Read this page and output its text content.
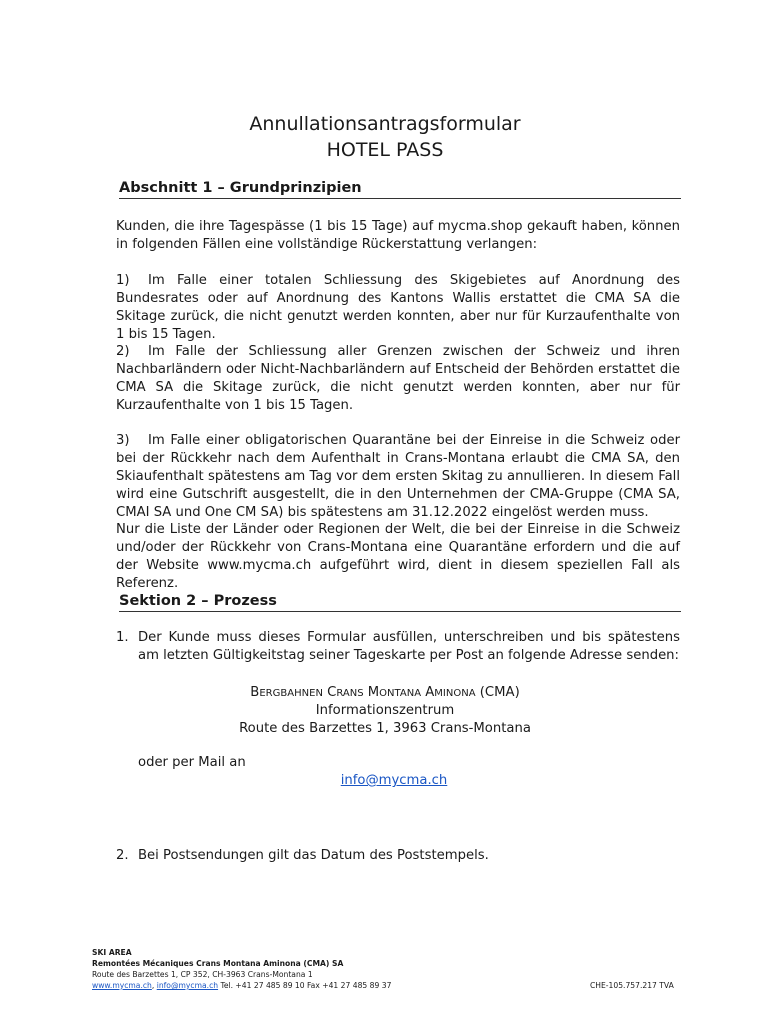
Annullationsantragsformular
HOTEL PASS
Abschnitt 1 – Grundprinzipien
Kunden, die ihre Tagespässe (1 bis 15 Tage) auf mycma.shop gekauft haben, können in folgenden Fällen eine vollständige Rückerstattung verlangen:
1) Im Falle einer totalen Schliessung des Skigebietes auf Anordnung des Bundesrates oder auf Anordnung des Kantons Wallis erstattet die CMA SA die Skitage zurück, die nicht genutzt werden konnten, aber nur für Kurzaufenthalte von 1 bis 15 Tagen.
2) Im Falle der Schliessung aller Grenzen zwischen der Schweiz und ihren Nachbarländern oder Nicht-Nachbarländern auf Entscheid der Behörden erstattet die CMA SA die Skitage zurück, die nicht genutzt werden konnten, aber nur für Kurzaufenthalte von 1 bis 15 Tagen.
3) Im Falle einer obligatorischen Quarantäne bei der Einreise in die Schweiz oder bei der Rückkehr nach dem Aufenthalt in Crans-Montana erlaubt die CMA SA, den Skiaufenthalt spätestens am Tag vor dem ersten Skitag zu annullieren. In diesem Fall wird eine Gutschrift ausgestellt, die in den Unternehmen der CMA-Gruppe (CMA SA, CMAI SA und One CM SA) bis spätestens am 31.12.2022 eingelöst werden muss.
Nur die Liste der Länder oder Regionen der Welt, die bei der Einreise in die Schweiz und/oder der Rückkehr von Crans-Montana eine Quarantäne erfordern und die auf der Website www.mycma.ch aufgeführt wird, dient in diesem speziellen Fall als Referenz.
Sektion 2 – Prozess
1. Der Kunde muss dieses Formular ausfüllen, unterschreiben und bis spätestens am letzten Gültigkeitstag seiner Tageskarte per Post an folgende Adresse senden:
BERGBAHNEN CRANS MONTANA AMINONA (CMA)
Informationszentrum
Route des Barzettes 1, 3963 Crans-Montana
oder per Mail an
info@mycma.ch
2. Bei Postsendungen gilt das Datum des Poststempels.
SKI AREA
Remontées Mécaniques Crans Montana Aminona (CMA) SA
Route des Barzettes 1, CP 352, CH-3963 Crans-Montana 1
www.mycma.ch, info@mycma.ch Tel. +41 27 485 89 10 Fax +41 27 485 89 37	CHE-105.757.217 TVA
